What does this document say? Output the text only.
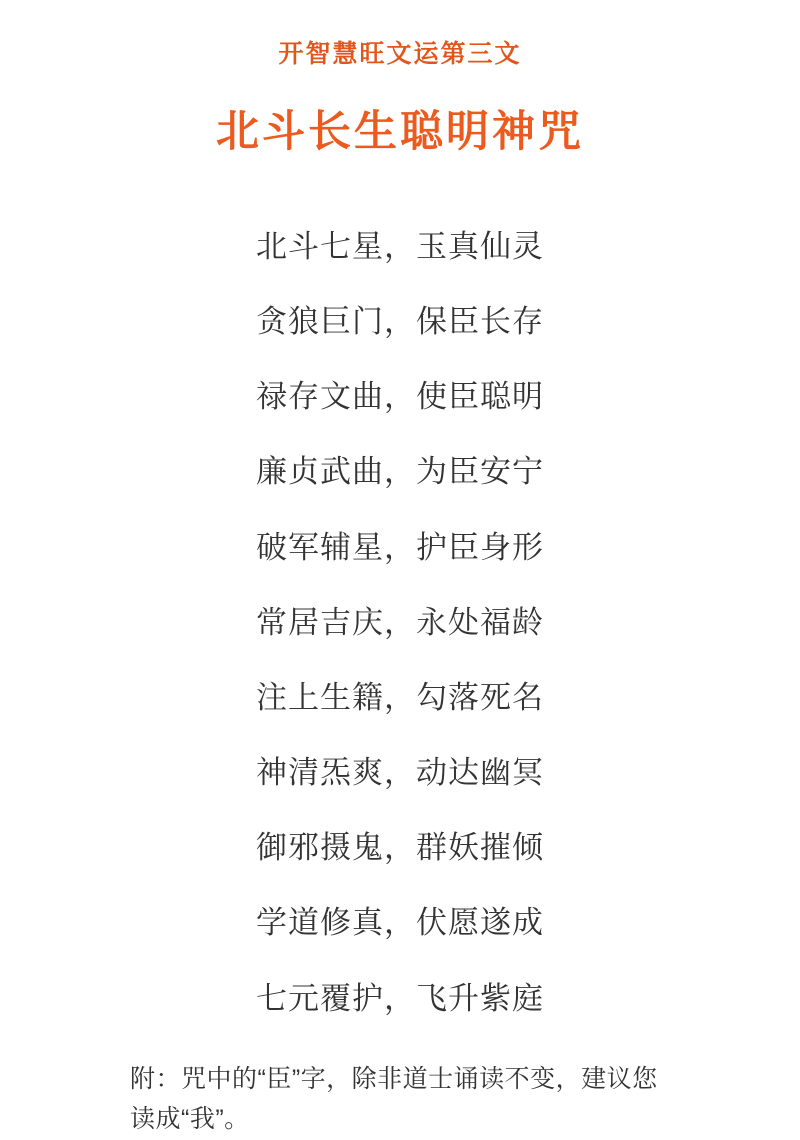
开智慧旺文运第三文
北斗长生聪明神咒
北斗七星，玉真仙灵
贪狼巨门，保臣长存
禄存文曲，使臣聪明
廉贞武曲，为臣安宁
破军辅星，护臣身形
常居吉庆，永处福龄
注上生籍，勾落死名
神清炁爽，动达幽冥
御邪摄鬼，群妖摧倾
学道修真，伏愿遂成
七元覆护，飞升紫庭
附：咒中的“臣”字，除非道士诵读不变，建议您读成“我”。
